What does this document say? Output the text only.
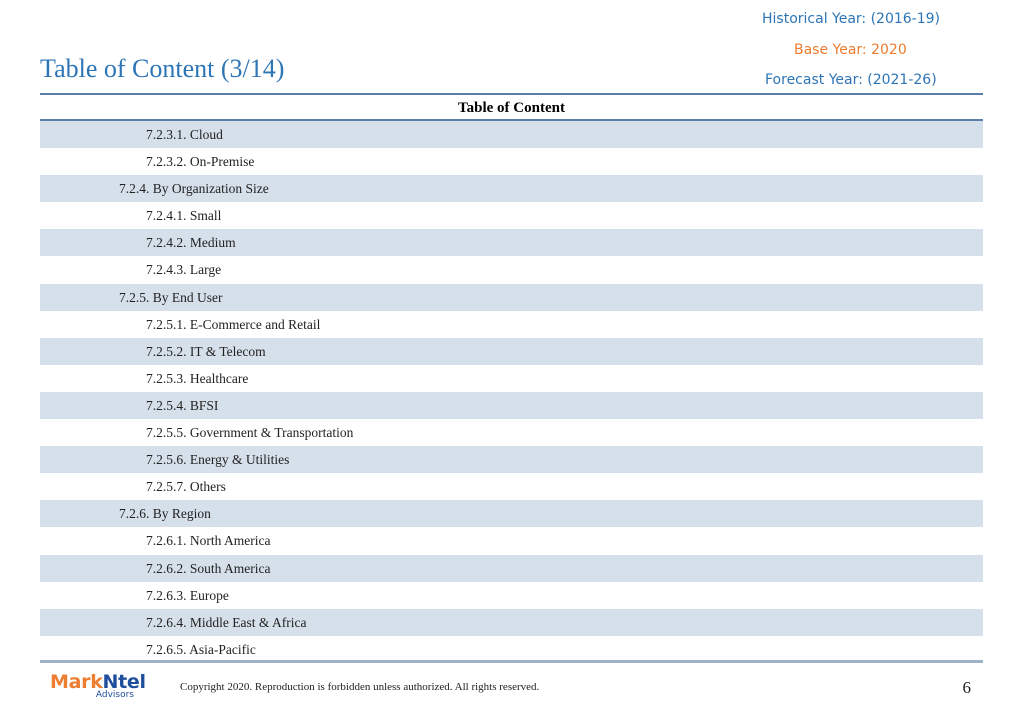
Historical Year: (2016-19)
Base Year: 2020
Forecast Year: (2021-26)
Table of Content (3/14)
Table of Content
7.2.3.1. Cloud
7.2.3.2. On-Premise
7.2.4. By Organization Size
7.2.4.1. Small
7.2.4.2. Medium
7.2.4.3. Large
7.2.5. By End User
7.2.5.1. E-Commerce and Retail
7.2.5.2. IT & Telecom
7.2.5.3. Healthcare
7.2.5.4. BFSI
7.2.5.5. Government & Transportation
7.2.5.6. Energy & Utilities
7.2.5.7. Others
7.2.6. By Region
7.2.6.1. North America
7.2.6.2. South America
7.2.6.3. Europe
7.2.6.4. Middle East & Africa
7.2.6.5. Asia-Pacific
MarkNtel
Advisors
Copyright 2020. Reproduction is forbidden unless authorized. All rights reserved.	6
